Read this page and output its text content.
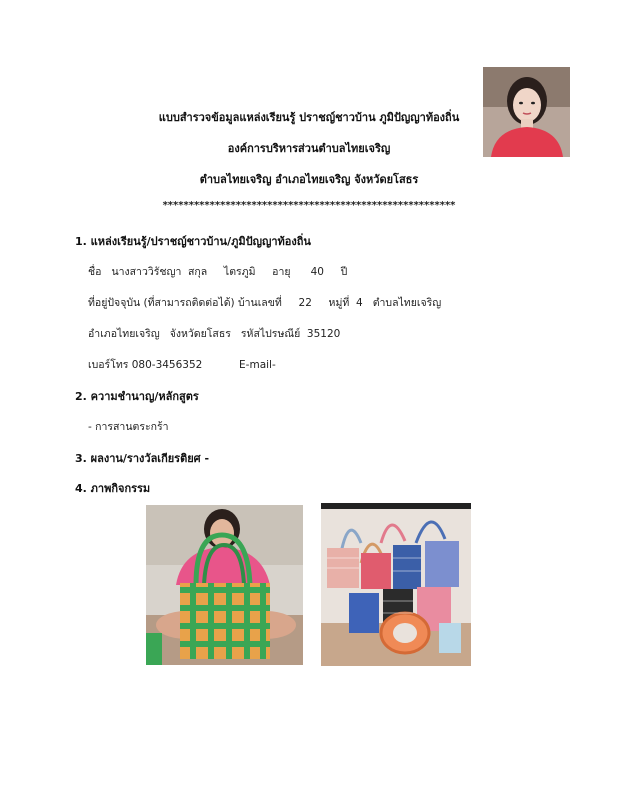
แบบสำรวจข้อมูลแหล่งเรียนรู้ ปราชญ์ชาวบ้าน ภูมิปัญญาท้องถิ่น
องค์การบริหารส่วนตำบลไทยเจริญ
ตำบลไทยเจริญ อำเภอไทยเจริญ จังหวัดยโสธร
********************************************************
1. แหล่งเรียนรู้/ปราชญ์ชาวบ้าน/ภูมิปัญญาท้องถิ่น
ชื่อ   นางสาววิรัชญา  สกุล     ไตรภูมิ     อายุ      40     ปี
ที่อยู่ปัจจุบัน (ที่สามารถติดต่อได้) บ้านเลขที่     22     หมู่ที่  4   ตำบลไทยเจริญ
อำเภอไทยเจริญ   จังหวัดยโสธร   รหัสไปรษณีย์  35120
เบอร์โทร 080-3456352           E-mail-
2. ความชำนาญ/หลักสูตร
- การสานตระกร้า
3. ผลงาน/รางวัลเกียรติยศ -
4. ภาพกิจกรรม
